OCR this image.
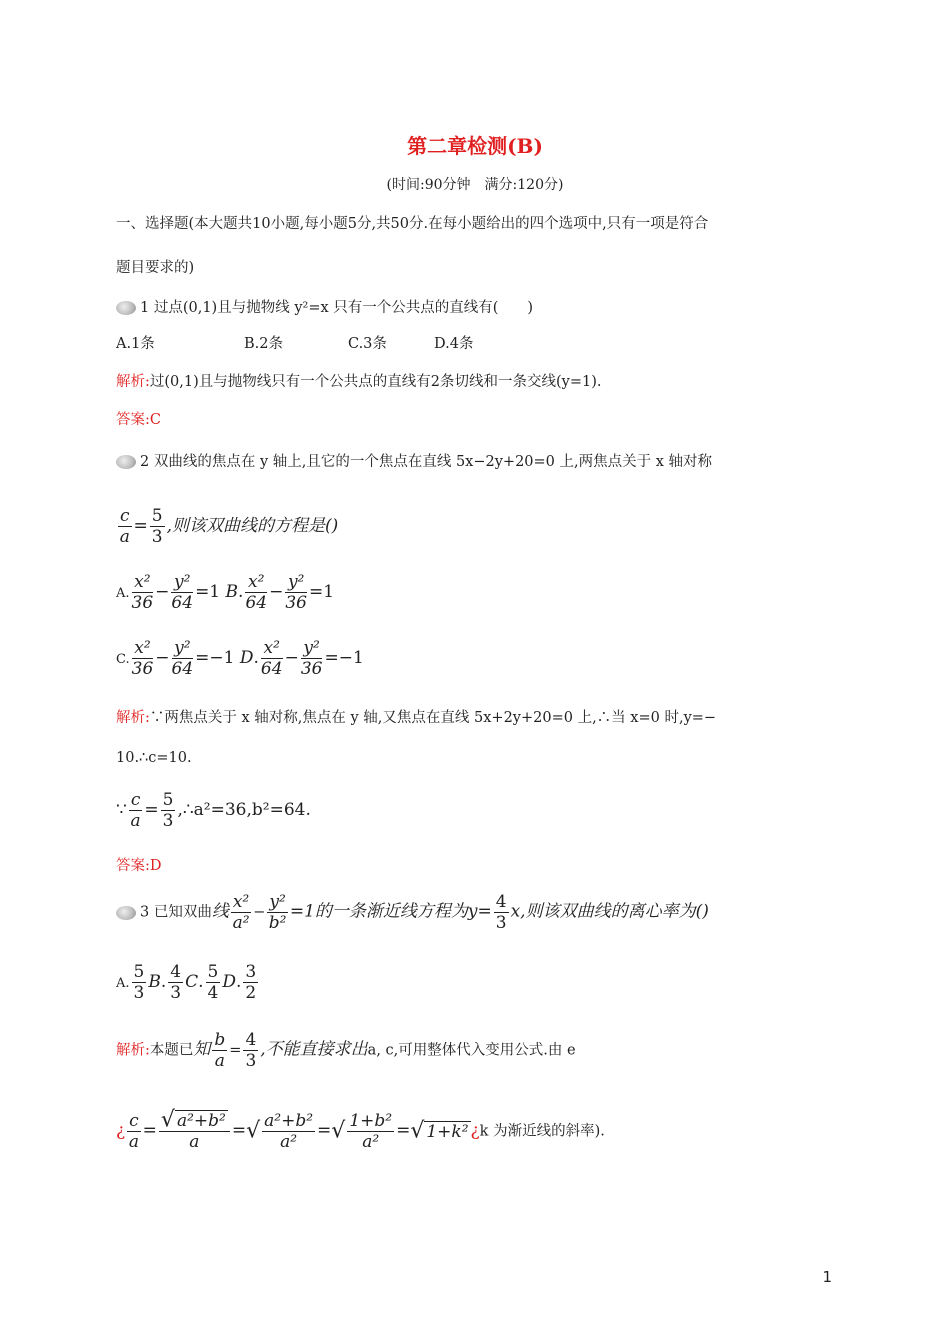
第二章检测(B)
(时间:90分钟　满分:120分)
一、选择题(本大题共10小题,每小题5分,共50分.在每小题给出的四个选项中,只有一项是符合
题目要求的)
1 过点(0,1)且与抛物线 y²=x 只有一个公共点的直线有(　　)
A.1条	B.2条	C.3条	D.4条
解析:过(0,1)且与抛物线只有一个公共点的直线有2条切线和一条交线(y=1).
答案:C
2 双曲线的焦点在 y 轴上,且它的一个焦点在直线 5x−2y+20=0 上,两焦点关于 x 轴对称
$\frac{c}{a} = \frac{5}{3}$ ,则该双曲线的方程是()
A. $\frac{\text{x²}}{36} - \frac{\text{y²}}{64} =1$ B. $\frac{\text{x²}}{64} - \frac{\text{y²}}{36} =1$
C. $\frac{\text{x²}}{36} - \frac{\text{y²}}{64} =-1$ D. $\frac{\text{x²}}{64} - \frac{\text{y²}}{36} =-1$
解析:∵两焦点关于 x 轴对称,焦点在 y 轴,又焦点在直线 5x+2y+20=0 上,∴当 x=0 时,y=−
10.∴c=10.
∵ $\frac{c}{a} = \frac{5}{3}$ ,∴a²=36,b²=64.
答案:D
3 已知双曲线 $\frac{\text{x²}}{\text{a²}} - \frac{\text{y²}}{\text{b²}} =1$的一条渐近线方程为$y= \frac{4}{3} x$,则该双曲线的离心率为()
A. $\frac{5}{3} B$. $\frac{4}{3} C$. $\frac{5}{4} D$. $\frac{3}{2}$
解析:本题已知 $\frac{b}{a} = \frac{4}{3}$ ,不能直接求出a, c,可用整体代入变用公式.由 e
¿ $\frac{c}{a} = \frac{\text{√ a²+b²}}{a}$ =√ $\frac{\text{a²+b²}}{\text{a²}}$ =√ $\frac{\text{1+b²}}{\text{a²}}$ =√ 1+k² ¿k 为渐近线的斜率).
1
